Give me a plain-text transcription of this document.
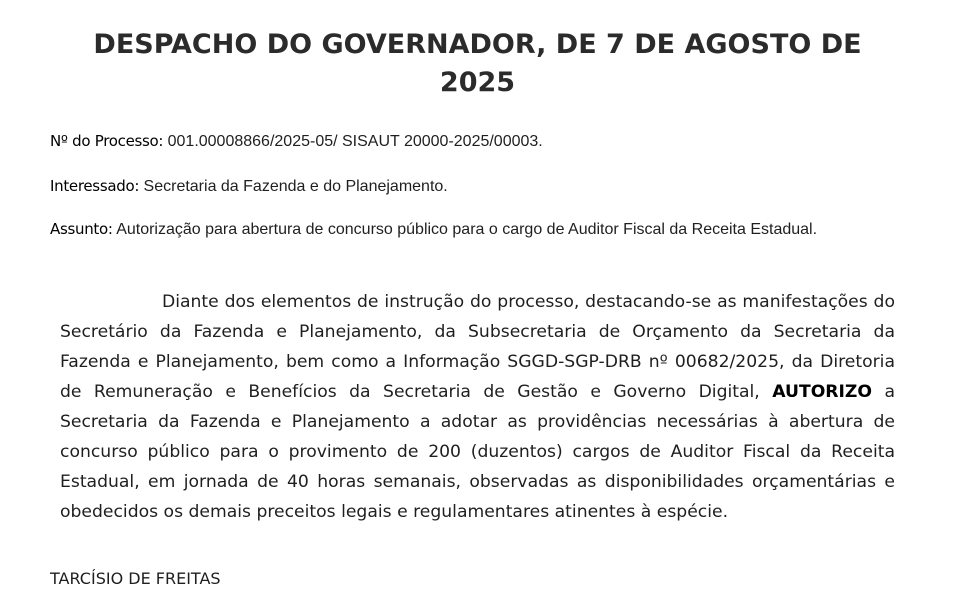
DESPACHO DO GOVERNADOR, DE 7 DE AGOSTO DE 2025

Nº do Processo: 001.00008866/2025-05/ SISAUT 20000-2025/00003.

Interessado: Secretaria da Fazenda e do Planejamento.

Assunto: Autorização para abertura de concurso público para o cargo de Auditor Fiscal da Receita Estadual.

Diante dos elementos de instrução do processo, destacando-se as manifestações do Secretário da Fazenda e Planejamento, da Subsecretaria de Orçamento da Secretaria da Fazenda e Planejamento, bem como a Informação SGGD-SGP-DRB nº 00682/2025, da Diretoria de Remuneração e Benefícios da Secretaria de Gestão e Governo Digital, AUTORIZO a Secretaria da Fazenda e Planejamento a adotar as providências necessárias à abertura de concurso público para o provimento de 200 (duzentos) cargos de Auditor Fiscal da Receita Estadual, em jornada de 40 horas semanais, observadas as disponibilidades orçamentárias e obedecidos os demais preceitos legais e regulamentares atinentes à espécie.

TARCÍSIO DE FREITAS
